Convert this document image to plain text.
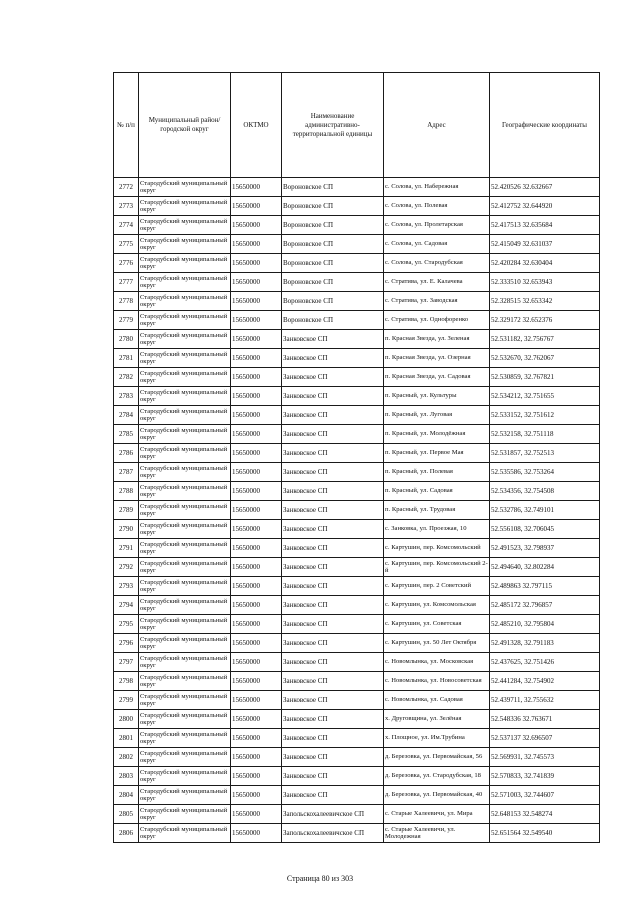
№ п/п	Муниципальный район/городской округ	ОКТМО	Наименование административно-территориальной единицы	Адрес	Географические координаты
2772	Стародубский муниципальный округ	15650000	Вороновское СП	с. Солова, ул. Набережная	52.420526 32.632667
2773	Стародубский муниципальный округ	15650000	Вороновское СП	с. Солова, ул. Полевая	52.412752 32.644920
2774	Стародубский муниципальный округ	15650000	Вороновское СП	с. Солова, ул. Пролетарская	52.417513 32.635684
2775	Стародубский муниципальный округ	15650000	Вороновское СП	с. Солова, ул. Садовая	52.415049 32.631037
2776	Стародубский муниципальный округ	15650000	Вороновское СП	с. Солова, ул. Стародубская	52.420284 32.630404
2777	Стародубский муниципальный округ	15650000	Вороновское СП	с. Стратива, ул. Е. Калачева	52.333510 32.653943
2778	Стародубский муниципальный округ	15650000	Вороновское СП	с. Стратива, ул. Заводская	52.328515 32.653342
2779	Стародубский муниципальный округ	15650000	Вороновское СП	с. Стратива, ул. Однофоренко	52.329172 32.652376
2780	Стародубский муниципальный округ	15650000	Занковское СП	п. Красная Звезда, ул. Зеленая	52.531182, 32.756767
2781	Стародубский муниципальный округ	15650000	Занковское СП	п. Красная Звезда, ул. Озерная	52.532670, 32.762067
2782	Стародубский муниципальный округ	15650000	Занковское СП	п. Красная Звезда, ул. Садовая	52.530859, 32.767821
2783	Стародубский муниципальный округ	15650000	Занковское СП	п. Красный, ул. Культуры	52.534212, 32.751655
2784	Стародубский муниципальный округ	15650000	Занковское СП	п. Красный, ул. Луговая	52.533152, 32.751612
2785	Стародубский муниципальный округ	15650000	Занковское СП	п. Красный, ул. Молодёжная	52.532158, 32.751118
2786	Стародубский муниципальный округ	15650000	Занковское СП	п. Красный, ул. Первое Мая	52.531857, 32.752513
2787	Стародубский муниципальный округ	15650000	Занковское СП	п. Красный, ул. Полевая	52.535586, 32.753264
2788	Стародубский муниципальный округ	15650000	Занковское СП	п. Красный, ул. Садовая	52.534356, 32.754508
2789	Стародубский муниципальный округ	15650000	Занковское СП	п. Красный, ул. Трудовая	52.532786, 32.749101
2790	Стародубский муниципальный округ	15650000	Занковское СП	с. Занковка, ул. Проезжая, 10	52.556108, 32.706045
2791	Стародубский муниципальный округ	15650000	Занковское СП	с. Картушин, пер. Комсомольский	52.491523, 32.798937
2792	Стародубский муниципальный округ	15650000	Занковское СП	с. Картушин, пер. Комсомольский 2-й	52.494640, 32.802284
2793	Стародубский муниципальный округ	15650000	Занковское СП	с. Картушин, пер. 2 Советский	52.489863 32.797115
2794	Стародубский муниципальный округ	15650000	Занковское СП	с. Картушин, ул. Комсомольская	52.485172 32.796857
2795	Стародубский муниципальный округ	15650000	Занковское СП	с. Картушин, ул. Советская	52.485210, 32.795804
2796	Стародубский муниципальный округ	15650000	Занковское СП	с. Картушин, ул. 50 Лет Октября	52.491328, 32.791183
2797	Стародубский муниципальный округ	15650000	Занковское СП	с. Новомлынка, ул. Московская	52.437625, 32.751426
2798	Стародубский муниципальный округ	15650000	Занковское СП	с. Новомлынка, ул. Новосоветская	52.441284, 32.754902
2799	Стародубский муниципальный округ	15650000	Занковское СП	с. Новомлынка, ул. Садовая	52.439711, 32.755632
2800	Стародубский муниципальный округ	15650000	Занковское СП	х. Друговщина, ул. Зелёная	52.548336 32.763671
2801	Стародубский муниципальный округ	15650000	Занковское СП	х. Площное, ул. Им.Трубина	52.537137 32.696507
2802	Стародубский муниципальный округ	15650000	Занковское СП	д. Березовка, ул. Первомайская, 56	52.569931, 32.745573
2803	Стародубский муниципальный округ	15650000	Занковское СП	д. Березовка, ул. Стародубская, 18	52.570833, 32.741839
2804	Стародубский муниципальный округ	15650000	Занковское СП	д. Березовка, ул. Первомайская, 40	52.571003, 32.744607
2805	Стародубский муниципальный округ	15650000	Запольскохалеевичское СП	с. Старые Халеевичи, ул. Мира	52.648153 32.548274
2806	Стародубский муниципальный округ	15650000	Запольскохалеевичское СП	с. Старые Халеевичи, ул. Молодежная	52.651564 32.549540
Страница 80 из 303
